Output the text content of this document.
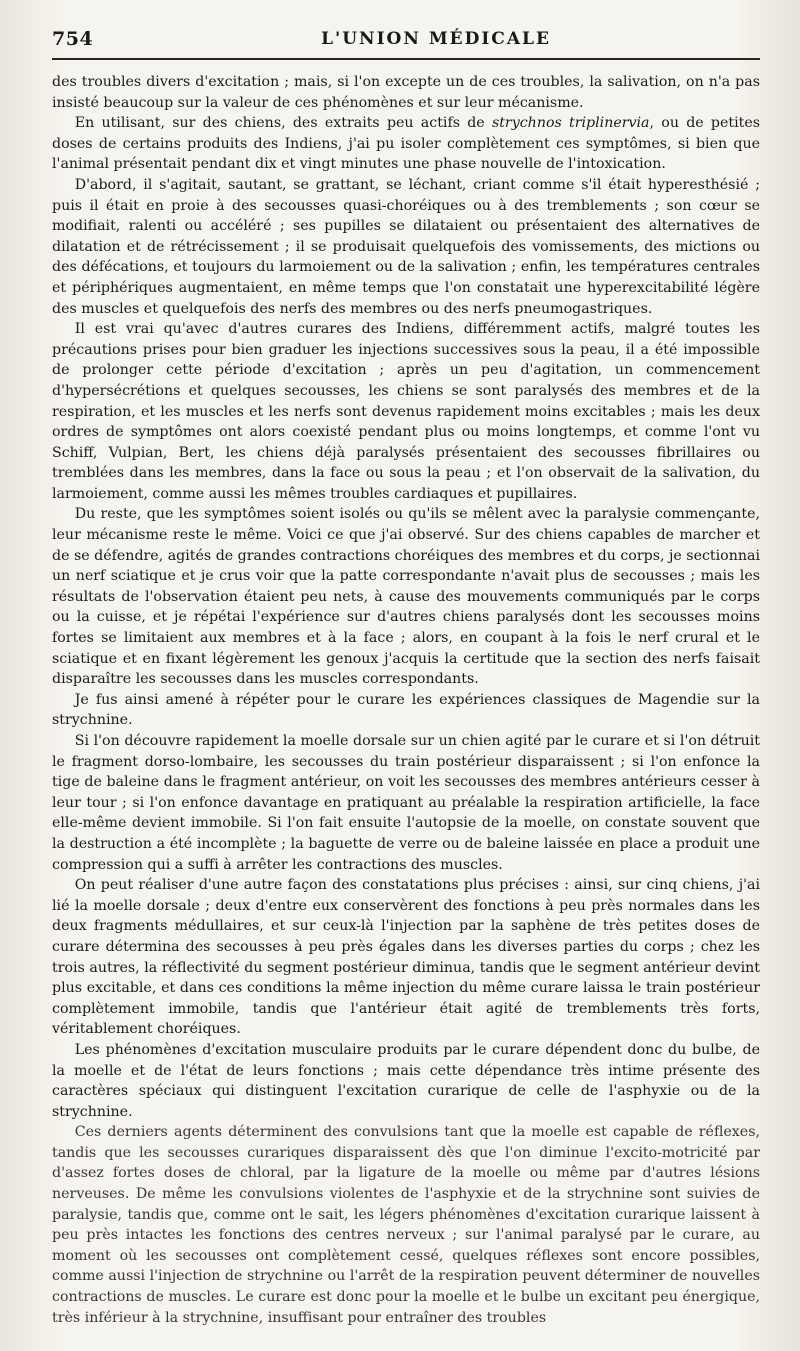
754	L'UNION MÉDICALE

des troubles divers d'excitation ; mais, si l'on excepte un de ces troubles, la salivation, on n'a pas insisté beaucoup sur la valeur de ces phénomènes et sur leur mécanisme.

En utilisant, sur des chiens, des extraits peu actifs de strychnos triplinervia, ou de petites doses de certains produits des Indiens, j'ai pu isoler complètement ces symptômes, si bien que l'animal présentait pendant dix et vingt minutes une phase nouvelle de l'intoxication.

D'abord, il s'agitait, sautant, se grattant, se léchant, criant comme s'il était hyperesthésié ; puis il était en proie à des secousses quasi-choréiques ou à des tremblements ; son cœur se modifiait, ralenti ou accéléré ; ses pupilles se dilataient ou présentaient des alternatives de dilatation et de rétrécissement ; il se produisait quelquefois des vomissements, des mictions ou des défécations, et toujours du larmoiement ou de la salivation ; enfin, les températures centrales et périphériques augmentaient, en même temps que l'on constatait une hyperexcitabilité légère des muscles et quelquefois des nerfs des membres ou des nerfs pneumogastriques.

Il est vrai qu'avec d'autres curares des Indiens, différemment actifs, malgré toutes les précautions prises pour bien graduer les injections successives sous la peau, il a été impossible de prolonger cette période d'excitation ; après un peu d'agitation, un commencement d'hypersécrétions et quelques secousses, les chiens se sont paralysés des membres et de la respiration, et les muscles et les nerfs sont devenus rapidement moins excitables ; mais les deux ordres de symptômes ont alors coexisté pendant plus ou moins longtemps, et comme l'ont vu Schiff, Vulpian, Bert, les chiens déjà paralysés présentaient des secousses fibrillaires ou tremblées dans les membres, dans la face ou sous la peau ; et l'on observait de la salivation, du larmoiement, comme aussi les mêmes troubles cardiaques et pupillaires.

Du reste, que les symptômes soient isolés ou qu'ils se mêlent avec la paralysie commençante, leur mécanisme reste le même. Voici ce que j'ai observé. Sur des chiens capables de marcher et de se défendre, agités de grandes contractions choréiques des membres et du corps, je sectionnai un nerf sciatique et je crus voir que la patte correspondante n'avait plus de secousses ; mais les résultats de l'observation étaient peu nets, à cause des mouvements communiqués par le corps ou la cuisse, et je répétai l'expérience sur d'autres chiens paralysés dont les secousses moins fortes se limitaient aux membres et à la face ; alors, en coupant à la fois le nerf crural et le sciatique et en fixant légèrement les genoux j'acquis la certitude que la section des nerfs faisait disparaître les secousses dans les muscles correspondants.

Je fus ainsi amené à répéter pour le curare les expériences classiques de Magendie sur la strychnine.

Si l'on découvre rapidement la moelle dorsale sur un chien agité par le curare et si l'on détruit le fragment dorso-lombaire, les secousses du train postérieur disparaissent ; si l'on enfonce la tige de baleine dans le fragment antérieur, on voit les secousses des membres antérieurs cesser à leur tour ; si l'on enfonce davantage en pratiquant au préalable la respiration artificielle, la face elle-même devient immobile. Si l'on fait ensuite l'autopsie de la moelle, on constate souvent que la destruction a été incomplète ; la baguette de verre ou de baleine laissée en place a produit une compression qui a suffi à arrêter les contractions des muscles.

On peut réaliser d'une autre façon des constatations plus précises : ainsi, sur cinq chiens, j'ai lié la moelle dorsale ; deux d'entre eux conservèrent des fonctions à peu près normales dans les deux fragments médullaires, et sur ceux-là l'injection par la saphène de très petites doses de curare détermina des secousses à peu près égales dans les diverses parties du corps ; chez les trois autres, la réflectivité du segment postérieur diminua, tandis que le segment antérieur devint plus excitable, et dans ces conditions la même injection du même curare laissa le train postérieur complètement immobile, tandis que l'antérieur était agité de tremblements très forts, véritablement choréiques.

Les phénomènes d'excitation musculaire produits par le curare dépendent donc du bulbe, de la moelle et de l'état de leurs fonctions ; mais cette dépendance très intime présente des caractères spéciaux qui distinguent l'excitation curarique de celle de l'asphyxie ou de la strychnine.

Ces derniers agents déterminent des convulsions tant que la moelle est capable de réflexes, tandis que les secousses curariques disparaissent dès que l'on diminue l'excito-motricité par d'assez fortes doses de chloral, par la ligature de la moelle ou même par d'autres lésions nerveuses. De même les convulsions violentes de l'asphyxie et de la strychnine sont suivies de paralysie, tandis que, comme ont le sait, les légers phénomènes d'excitation curarique laissent à peu près intactes les fonctions des centres nerveux ; sur l'animal paralysé par le curare, au moment où les secousses ont complètement cessé, quelques réflexes sont encore possibles, comme aussi l'injection de strychnine ou l'arrêt de la respiration peuvent déterminer de nouvelles contractions de muscles. Le curare est donc pour la moelle et le bulbe un excitant peu énergique, très inférieur à la strychnine, insuffisant pour entraîner des troubles
